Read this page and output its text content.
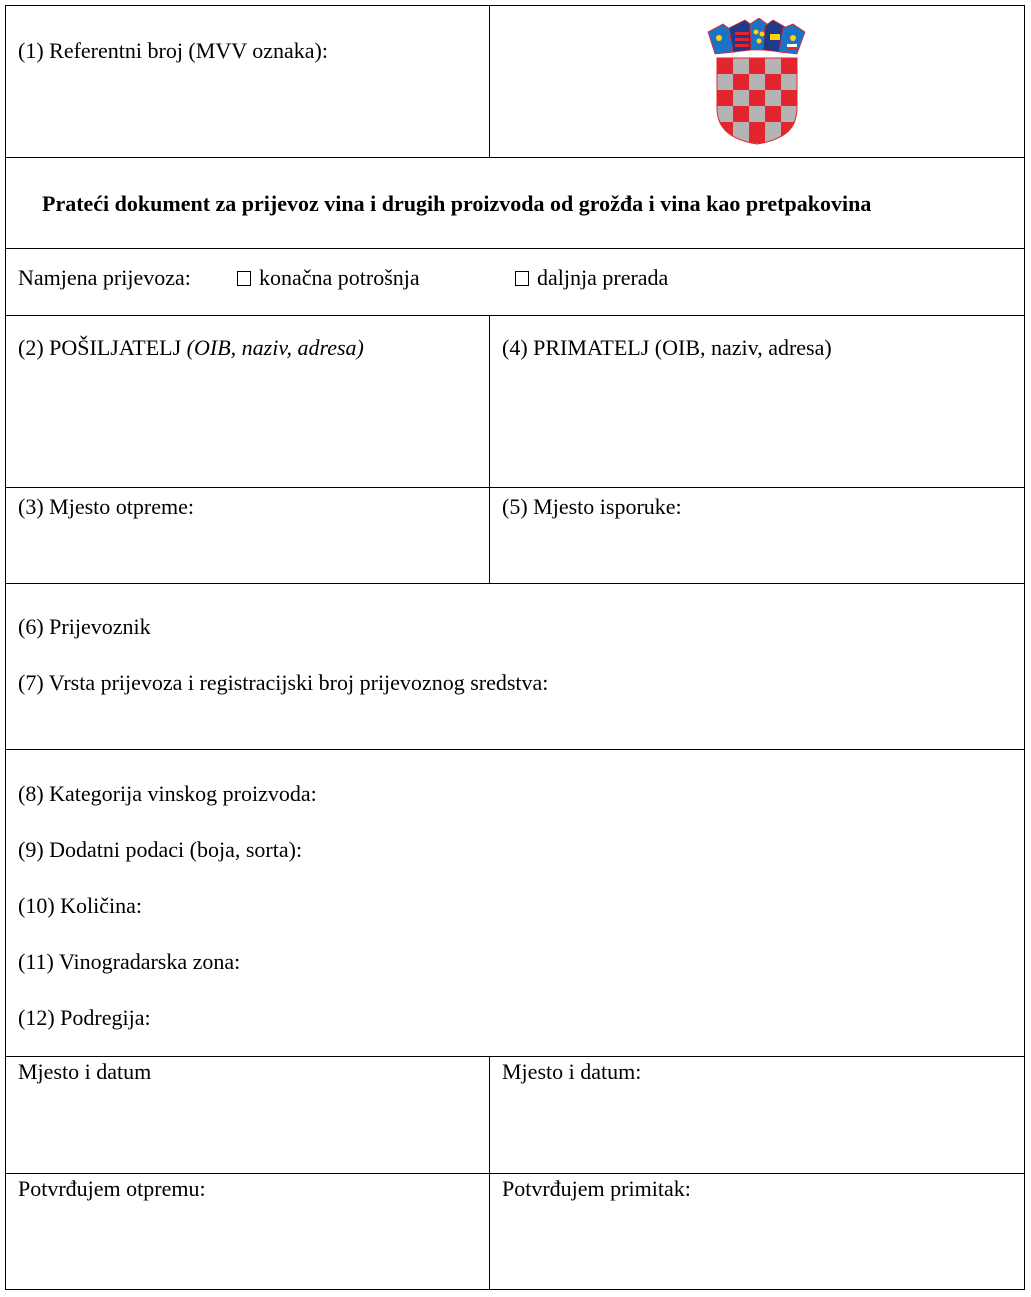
(1) Referentni broj (MVV oznaka):
Prateći dokument za prijevoz vina i drugih proizvoda od grožđa i vina kao pretpakovina
Namjena prijevoza:	konačna potrošnja	daljnja prerada
(2) POŠILJATELJ (OIB, naziv, adresa)	(4) PRIMATELJ (OIB, naziv, adresa)
(3) Mjesto otpreme:	(5) Mjesto isporuke:
(6) Prijevoznik
(7) Vrsta prijevoza i registracijski broj prijevoznog sredstva:
(8) Kategorija vinskog proizvoda:
(9) Dodatni podaci (boja, sorta):
(10) Količina:
(11) Vinogradarska zona:
(12) Podregija:
Mjesto i datum	Mjesto i datum:
Potvrđujem otpremu:	Potvrđujem primitak:
